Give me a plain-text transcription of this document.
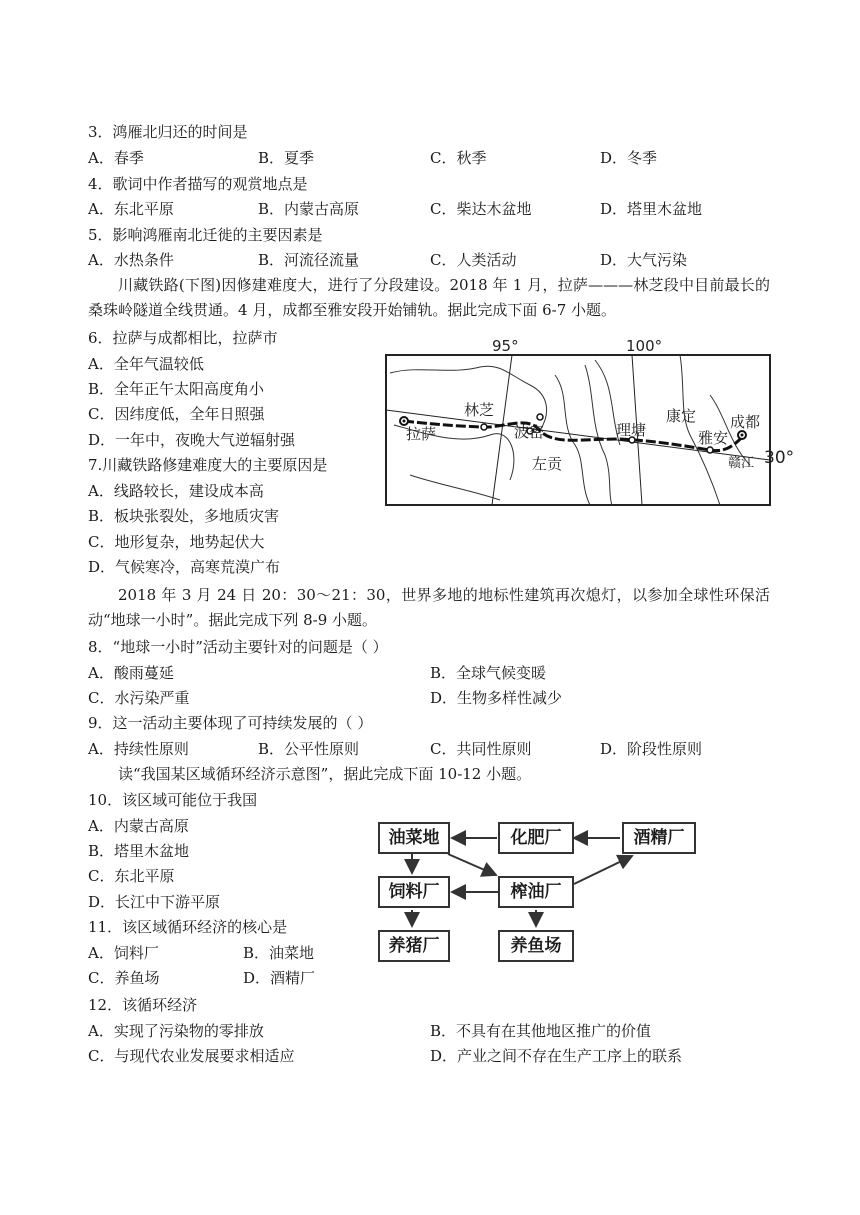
3．鸿雁北归还的时间是
A．春季	B．夏季	C．秋季	D．冬季
4．歌词中作者描写的观赏地点是
A．东北平原	B．内蒙古高原	C．柴达木盆地	D．塔里木盆地
5．影响鸿雁南北迁徙的主要因素是
A．水热条件	B．河流径流量	C．人类活动	D．大气污染
川藏铁路(下图)因修建难度大，进行了分段建设。2018 年 1 月，拉萨———林芝段中目前最长的桑珠岭隧道全线贯通。4 月，成都至雅安段开始铺轨。据此完成下面 6-7 小题。
6．拉萨与成都相比，拉萨市
A．全年气温较低
B．全年正午太阳高度角小
C．因纬度低，全年日照强
D．一年中，夜晚大气逆辐射强
7.川藏铁路修建难度大的主要原因是
A．线路较长，建设成本高
B．板块张裂处，多地质灾害
C．地形复杂，地势起伏大
D．气候寒冷，高寒荒漠广布
95°	100°
30°
拉萨
林芝
波密
左贡
理塘
康定 成都
雅安
赣江
2018 年 3 月 24 日 20：30～21：30，世界多地的地标性建筑再次熄灯，以参加全球性环保活动“地球一小时”。据此完成下列 8-9 小题。
8．“地球一小时”活动主要针对的问题是（ ）
A．酸雨蔓延	B．全球气候变暖
C．水污染严重	D．生物多样性减少
9．这一活动主要体现了可持续发展的（ ）
A．持续性原则	B．公平性原则	C．共同性原则	D．阶段性原则
读“我国某区域循环经济示意图”，据此完成下面 10-12 小题。
10．该区域可能位于我国
A．内蒙古高原
B．塔里木盆地
C．东北平原
D．长江中下游平原
11．该区域循环经济的核心是
A．饲料厂	B．油菜地
C．养鱼场	D．酒精厂
12．该循环经济
A．实现了污染物的零排放	B．不具有在其他地区推广的价值
C．与现代农业发展要求相适应	D．产业之间不存在生产工序上的联系
油菜地	化肥厂	酒精厂
饲料厂	榨油厂
养猪厂	养鱼场
